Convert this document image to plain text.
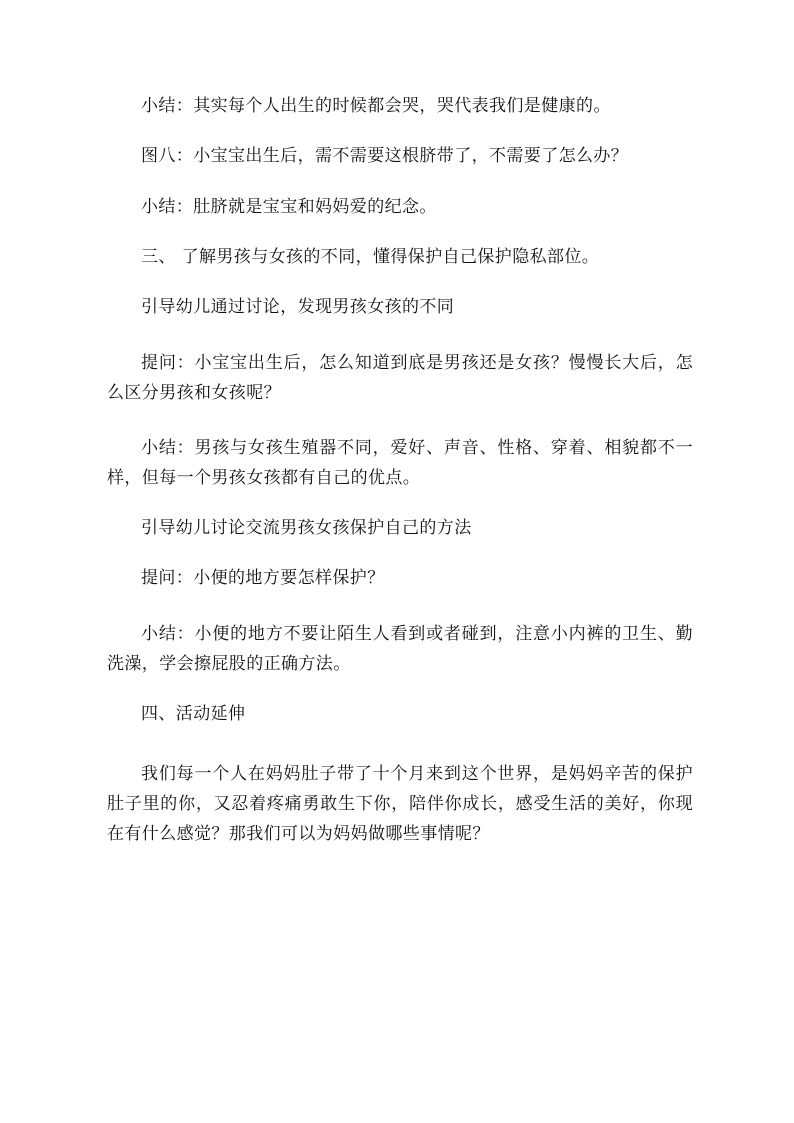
小结：其实每个人出生的时候都会哭，哭代表我们是健康的。

图八：小宝宝出生后，需不需要这根脐带了，不需要了怎么办？

小结：肚脐就是宝宝和妈妈爱的纪念。

三、 了解男孩与女孩的不同，懂得保护自己保护隐私部位。

引导幼儿通过讨论，发现男孩女孩的不同

提问：小宝宝出生后，怎么知道到底是男孩还是女孩？慢慢长大后，怎么区分男孩和女孩呢？

小结：男孩与女孩生殖器不同，爱好、声音、性格、穿着、相貌都不一样，但每一个男孩女孩都有自己的优点。

引导幼儿讨论交流男孩女孩保护自己的方法

提问：小便的地方要怎样保护？

小结：小便的地方不要让陌生人看到或者碰到，注意小内裤的卫生、勤洗澡，学会擦屁股的正确方法。

四、活动延伸

我们每一个人在妈妈肚子带了十个月来到这个世界，是妈妈辛苦的保护肚子里的你，又忍着疼痛勇敢生下你，陪伴你成长，感受生活的美好，你现在有什么感觉？那我们可以为妈妈做哪些事情呢？
